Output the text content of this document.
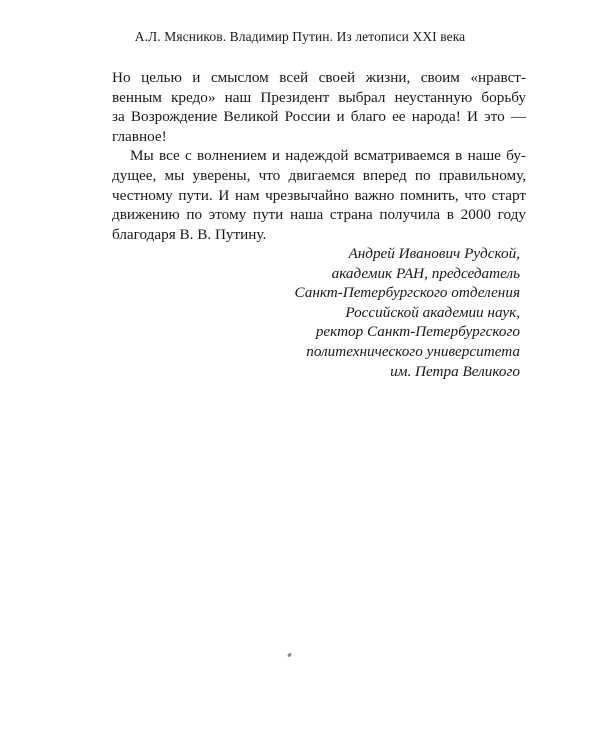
А.Л. Мясников. Владимир Путин. Из летописи XXI века
Но целью и смыслом всей своей жизни, своим «нравст-
венным кредо» наш Президент выбрал неустанную борьбу
за Возрождение Великой России и благо ее народа! И это —
главное!
Мы все с волнением и надеждой всматриваемся в наше бу-
дущее, мы уверены, что двигаемся вперед по правильному,
честному пути. И нам чрезвычайно важно помнить, что старт
движению по этому пути наша страна получила в 2000 году
благодаря В. В. Путину.
Андрей Иванович Рудской,
академик РАН, председатель
Санкт-Петербургского отделения
Российской академии наук,
ректор Санкт-Петербургского
политехнического университета
им. Петра Великого
